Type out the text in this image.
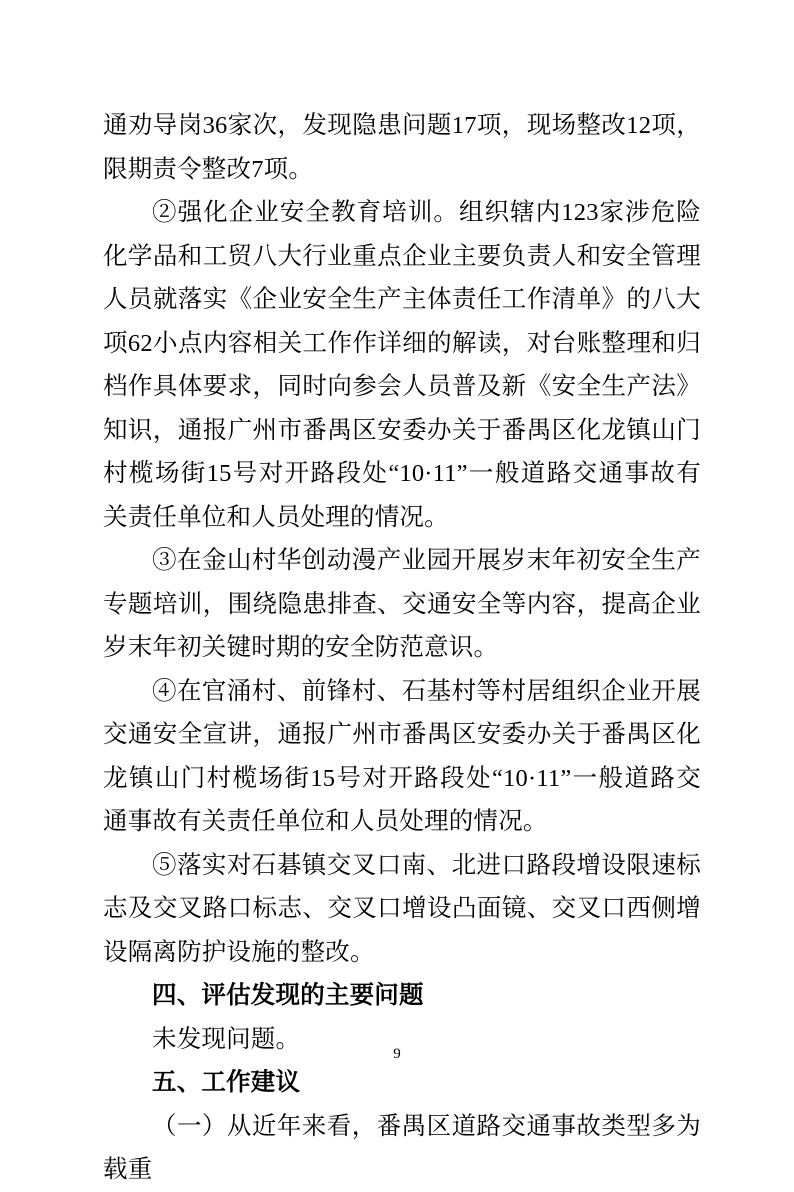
通劝导岗36家次，发现隐患问题17项，现场整改12项，限期责令整改7项。

②强化企业安全教育培训。组织辖内123家涉危险化学品和工贸八大行业重点企业主要负责人和安全管理人员就落实《企业安全生产主体责任工作清单》的八大项62小点内容相关工作作详细的解读，对台账整理和归档作具体要求，同时向参会人员普及新《安全生产法》知识，通报广州市番禺区安委办关于番禺区化龙镇山门村榄场街15号对开路段处“10·11”一般道路交通事故有关责任单位和人员处理的情况。

③在金山村华创动漫产业园开展岁末年初安全生产专题培训，围绕隐患排查、交通安全等内容，提高企业岁末年初关键时期的安全防范意识。

④在官涌村、前锋村、石基村等村居组织企业开展交通安全宣讲，通报广州市番禺区安委办关于番禺区化龙镇山门村榄场街15号对开路段处“10·11”一般道路交通事故有关责任单位和人员处理的情况。

⑤落实对石碁镇交叉口南、北进口路段增设限速标志及交叉路口标志、交叉口增设凸面镜、交叉口西侧增设隔离防护设施的整改。

四、评估发现的主要问题

未发现问题。

五、工作建议

（一）从近年来看，番禺区道路交通事故类型多为载重

9
